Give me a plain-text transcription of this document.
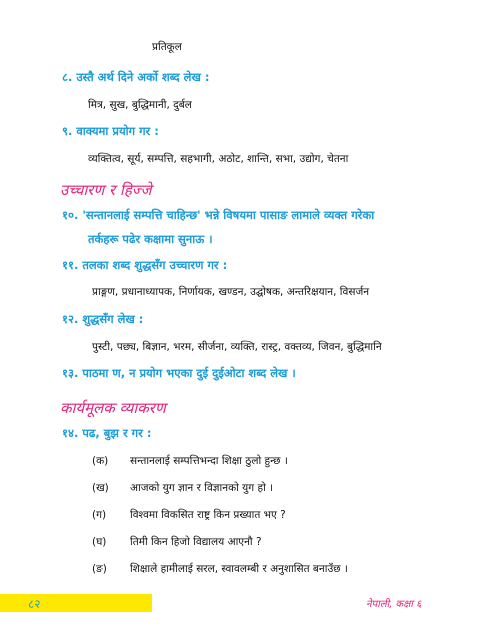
प्रतिकूल
८. उस्तै अर्थ दिने अर्को शब्द लेख :
मित्र, सुख, बुद्धिमानी, दुर्बल
९. वाक्यमा प्रयोग गर :
व्यक्तित्व, सूर्य, सम्पत्ति, सहभागी, अठोट, शान्ति, सभा, उद्योग, चेतना
उच्चारण र हिज्जे
१०. 'सन्तानलाई सम्पत्ति चाहिन्छ' भन्ने विषयमा पासाङ लामाले व्यक्त गरेका
तर्कहरू पढेर कक्षामा सुनाऊ ।
११. तलका शब्द शुद्धसँग उच्चारण गर :
प्राङ्गण, प्रधानाध्यापक, निर्णायक, खण्डन, उद्घोषक, अन्तरिक्षयान, विसर्जन
१२. शुद्धसँग लेख :
पुस्टी, पछ्य, बिज्ञान, भरम, सीर्जना, व्यक्ति, रास्ट्र, वक्तव्य, जिवन, बुद्धिमानि
१३. पाठमा ण, न प्रयोग भएका दुई दुईओटा शब्द लेख ।
कार्यमूलक व्याकरण
१४. पढ, बुझ र गर :
(क) सन्तानलाई सम्पत्तिभन्दा शिक्षा ठुलो हुन्छ ।
(ख) आजको युग ज्ञान र विज्ञानको युग हो ।
(ग) विश्वमा विकसित राष्ट्र किन प्रख्यात भए ?
(घ) तिमी किन हिजो विद्यालय आएनौ ?
(ङ) शिक्षाले हामीलाई सरल, स्वावलम्बी र अनुशासित बनाउँछ ।
८२	नेपाली, कक्षा ६
